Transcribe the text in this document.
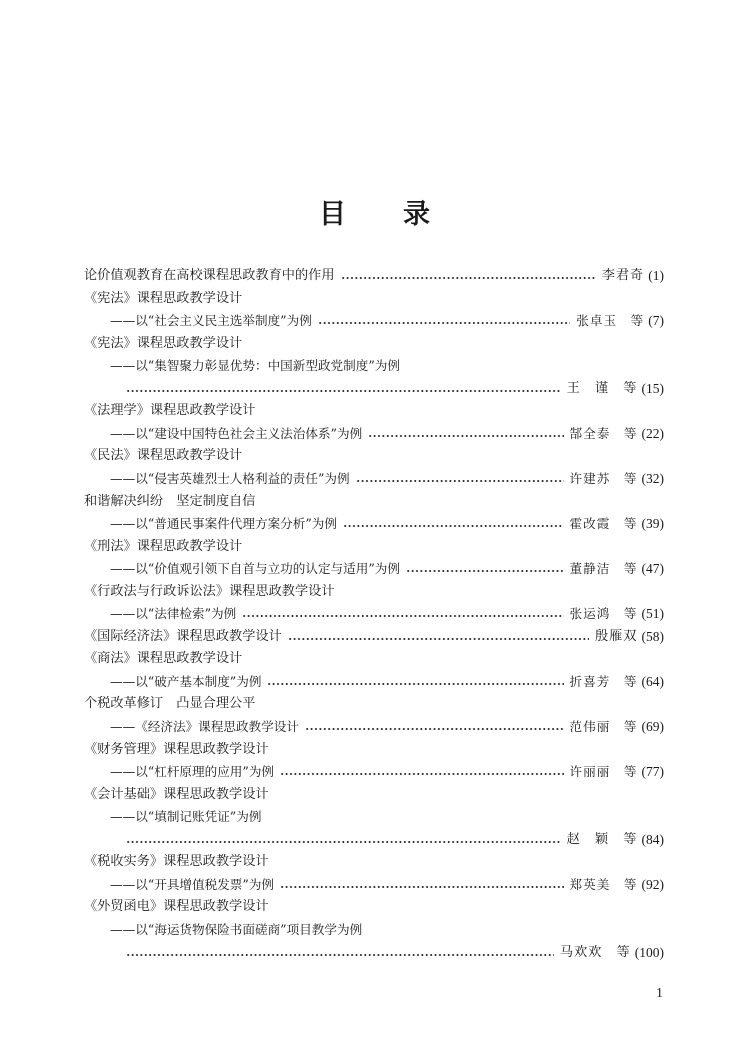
目　　录
论价值观教育在高校课程思政教育中的作用	李君奇 (1)
《宪法》课程思政教学设计
——以“社会主义民主选举制度”为例	张卓玉　等 (7)
《宪法》课程思政教学设计
——以“集智聚力彰显优势：中国新型政党制度”为例
王　谨　等 (15)
《法理学》课程思政教学设计
——以“建设中国特色社会主义法治体系”为例	郜全泰　等 (22)
《民法》课程思政教学设计
——以“侵害英雄烈士人格利益的责任”为例	许建苏　等 (32)
和谐解决纠纷　坚定制度自信
——以“普通民事案件代理方案分析”为例	霍改霞　等 (39)
《刑法》课程思政教学设计
——以“价值观引领下自首与立功的认定与适用”为例	董静洁　等 (47)
《行政法与行政诉讼法》课程思政教学设计
——以“法律检索”为例	张运鸿　等 (51)
《国际经济法》课程思政教学设计	殷雁双 (58)
《商法》课程思政教学设计
——以“破产基本制度”为例	折喜芳　等 (64)
个税改革修订　凸显合理公平
——《经济法》课程思政教学设计	范伟丽　等 (69)
《财务管理》课程思政教学设计
——以“杠杆原理的应用”为例	许丽丽　等 (77)
《会计基础》课程思政教学设计
——以“填制记账凭证”为例
赵　颖　等 (84)
《税收实务》课程思政教学设计
——以“开具增值税发票”为例	郑英美　等 (92)
《外贸函电》课程思政教学设计
——以“海运货物保险书面磋商”项目教学为例
马欢欢　等 (100)
1
